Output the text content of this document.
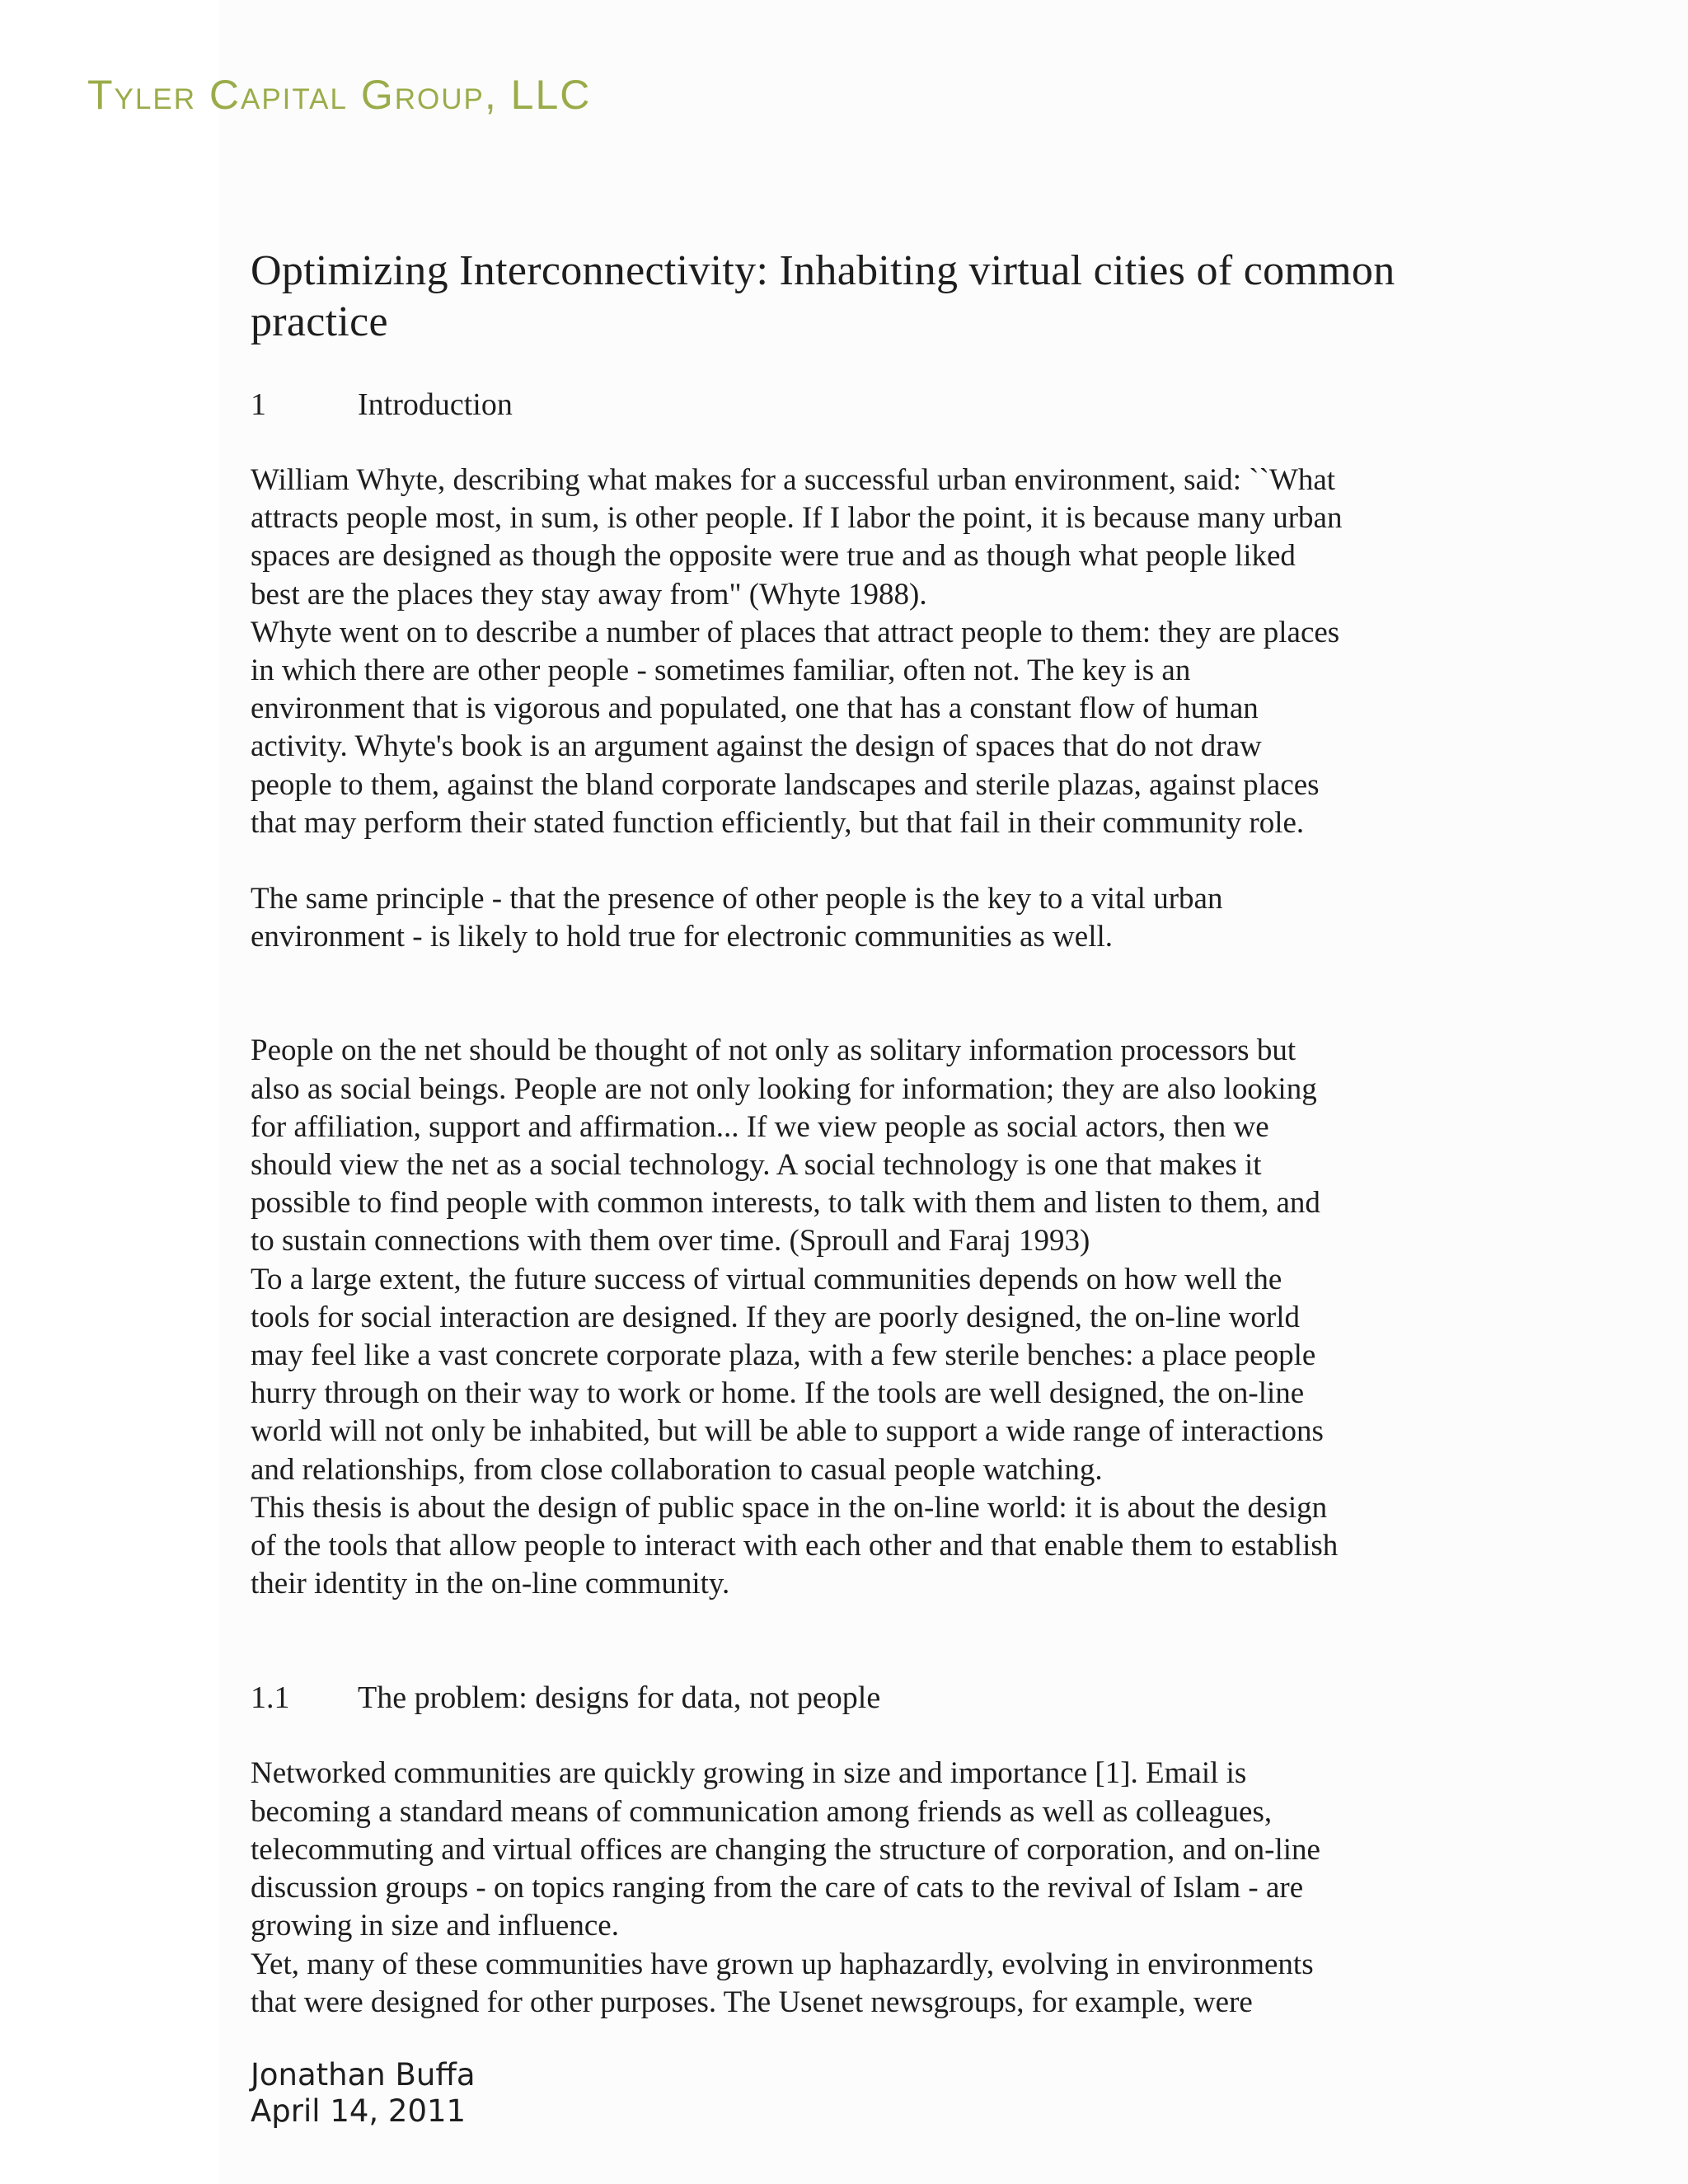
Tyler Capital Group, LLC
Optimizing Interconnectivity: Inhabiting virtual cities of common
practice
1	Introduction
William Whyte, describing what makes for a successful urban environment, said: ``What
attracts people most, in sum, is other people. If I labor the point, it is because many urban
spaces are designed as though the opposite were true and as though what people liked
best are the places they stay away from" (Whyte 1988).
Whyte went on to describe a number of places that attract people to them: they are places
in which there are other people - sometimes familiar, often not. The key is an
environment that is vigorous and populated, one that has a constant flow of human
activity. Whyte's book is an argument against the design of spaces that do not draw
people to them, against the bland corporate landscapes and sterile plazas, against places
that may perform their stated function efficiently, but that fail in their community role.
The same principle - that the presence of other people is the key to a vital urban
environment - is likely to hold true for electronic communities as well.
People on the net should be thought of not only as solitary information processors but
also as social beings. People are not only looking for information; they are also looking
for affiliation, support and affirmation... If we view people as social actors, then we
should view the net as a social technology. A social technology is one that makes it
possible to find people with common interests, to talk with them and listen to them, and
to sustain connections with them over time. (Sproull and Faraj 1993)
To a large extent, the future success of virtual communities depends on how well the
tools for social interaction are designed. If they are poorly designed, the on-line world
may feel like a vast concrete corporate plaza, with a few sterile benches: a place people
hurry through on their way to work or home. If the tools are well designed, the on-line
world will not only be inhabited, but will be able to support a wide range of interactions
and relationships, from close collaboration to casual people watching.
This thesis is about the design of public space in the on-line world: it is about the design
of the tools that allow people to interact with each other and that enable them to establish
their identity in the on-line community.
1.1	The problem: designs for data, not people
Networked communities are quickly growing in size and importance [1]. Email is
becoming a standard means of communication among friends as well as colleagues,
telecommuting and virtual offices are changing the structure of corporation, and on-line
discussion groups - on topics ranging from the care of cats to the revival of Islam - are
growing in size and influence.
Yet, many of these communities have grown up haphazardly, evolving in environments
that were designed for other purposes. The Usenet newsgroups, for example, were
Jonathan Buffa
April 14, 2011
